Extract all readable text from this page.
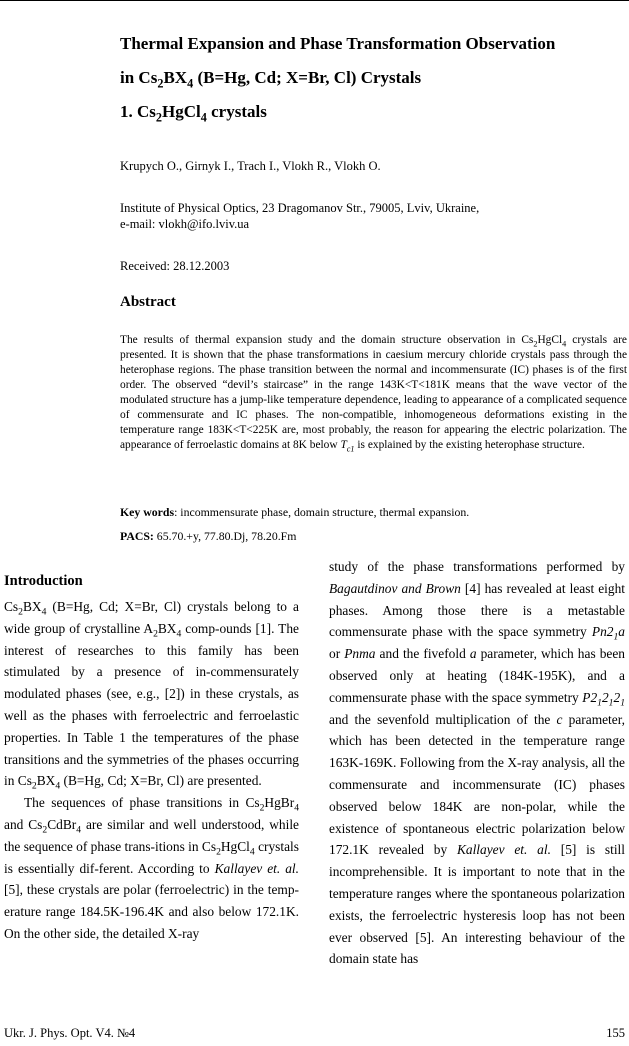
Thermal Expansion and Phase Transformation Observation
in $Cs_2BX_4$ (B=Hg, Cd; X=Br, Cl) Crystals
1. $Cs_2HgCl_4$ crystals
Krupych O., Girnyk I., Trach I., Vlokh R., Vlokh O.
Institute of Physical Optics, 23 Dragomanov Str., 79005, Lviv, Ukraine,
e-mail: vlokh@ifo.lviv.ua
Received: 28.12.2003
Abstract
The results of thermal expansion study and the domain structure observation in $Cs_2HgCl_4$ crystals are presented. It is shown that the phase transformations in caesium mercury chloride crystals pass through the heterophase regions. The phase transition between the normal and incommensurate (IC) phases is of the first order. The observed “devil’s staircase” in the range 143K<T<181K means that the wave vector of the modulated structure has a jump-like temperature dependence, leading to appearance of a complicated sequence of commensurate and IC phases. The non-compatible, inhomogeneous deformations existing in the temperature range 183K<T<225K are, most probably, the reason for appearing the electric polarization. The appearance of ferroelastic domains at 8K below $T_{c1}$ is explained by the existing heterophase structure.
Key words: incommensurate phase, domain structure, thermal expansion.
PACS: 65.70.+y, 77.80.Dj, 78.20.Fm

Introduction

$Cs_2BX_4$ (B=Hg, Cd; X=Br, Cl) crystals belong to a wide group of crystalline $A_2BX_4$ comp-ounds [1]. The interest of researches to this family has been stimulated by a presence of in-commensurately modulated phases (see, e.g., [2]) in these crystals, as well as the phases with ferroelectric and ferroelastic properties. In Table 1 the temperatures of the phase transitions and the symmetries of the phases occurring in $Cs_2BX_4$ (B=Hg, Cd; X=Br, Cl) are presented.

The sequences of phase transitions in $Cs_2HgBr_4$ and $Cs_2CdBr_4$ are similar and well understood, while the sequence of phase trans-itions in $Cs_2HgCl_4$ crystals is essentially dif-ferent. According to Kallayev et. al. [5], these crystals are polar (ferroelectric) in the temp-erature range 184.5K-196.4K and also below 172.1K. On the other side, the detailed X-ray

study of the phase transformations performed by Bagautdinov and Brown [4] has revealed at least eight phases. Among those there is a metastable commensurate phase with the space symmetry $Pn2_1a$ or Pnma and the fivefold a parameter, which has been observed only at heating (184K-195K), and a commensurate phase with the space symmetry $P2_12_12_1$ and the sevenfold multiplication of the c parameter, which has been detected in the temperature range 163K-169K. Following from the X-ray analysis, all the commensurate and incommensurate (IC) phases observed below 184K are non-polar, while the existence of spontaneous electric polarization below 172.1K revealed by Kallayev et. al. [5] is still incomprehensible. It is important to note that in the temperature ranges where the spontaneous polarization exists, the ferroelectric hysteresis loop has not been ever observed [5]. An interesting behaviour of the domain state has

Ukr. J. Phys. Opt. V4. №4	155
